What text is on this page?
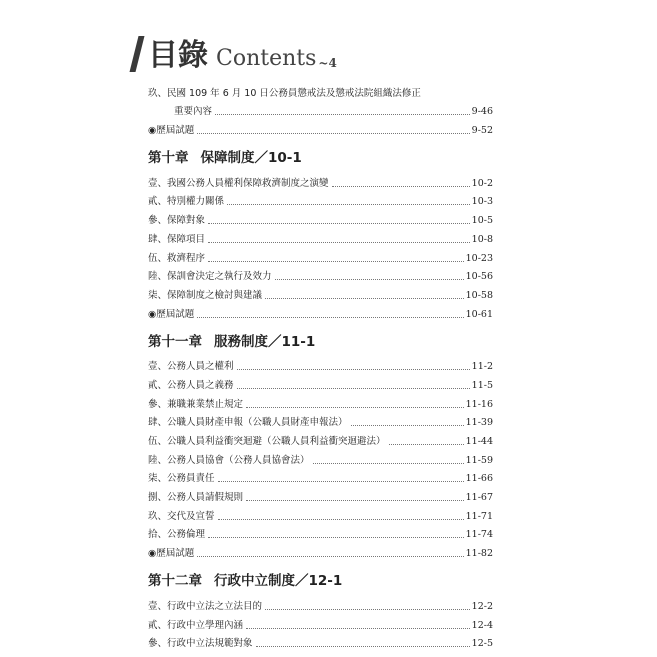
目錄 Contents ~4
玖、民國 109 年 6 月 10 日公務員懲戒法及懲戒法院組織法修正
重要內容	9-46
◉歷屆試題	9-52
第十章 保障制度／10-1
壹、我國公務人員權利保障救濟制度之演變	10-2
貳、特別權力關係	10-3
參、保障對象	10-5
肆、保障項目	10-8
伍、救濟程序	10-23
陸、保訓會決定之執行及效力	10-56
柒、保障制度之檢討與建議	10-58
◉歷屆試題	10-61
第十一章 服務制度／11-1
壹、公務人員之權利	11-2
貳、公務人員之義務	11-5
參、兼職兼業禁止規定	11-16
肆、公職人員財產申報（公職人員財產申報法）	11-39
伍、公職人員利益衝突迴避（公職人員利益衝突迴避法）	11-44
陸、公務人員協會（公務人員協會法）	11-59
柒、公務員責任	11-66
捌、公務人員請假規則	11-67
玖、交代及宣誓	11-71
拾、公務倫理	11-74
◉歷屆試題	11-82
第十二章 行政中立制度／12-1
壹、行政中立法之立法目的	12-2
貳、行政中立學理內涵	12-4
參、行政中立法規範對象	12-5
